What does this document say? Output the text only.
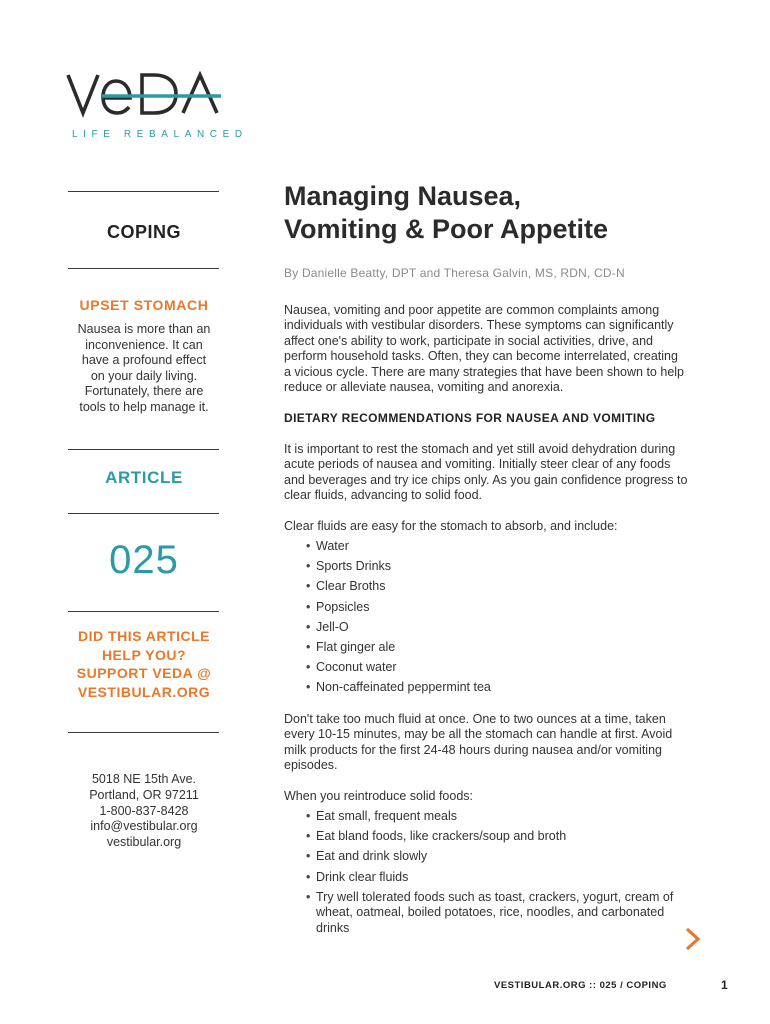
LIFE REBALANCED
COPING
UPSET STOMACH
Nausea is more than an
inconvenience. It can
have a profound effect
on your daily living.
Fortunately, there are
tools to help manage it.
ARTICLE
025
DID THIS ARTICLE
HELP YOU?
SUPPORT VEDA @
VESTIBULAR.ORG
5018 NE 15th Ave.
Portland, OR 97211
1-800-837-8428
info@vestibular.org
vestibular.org
Managing Nausea,
Vomiting & Poor Appetite
By Danielle Beatty, DPT and Theresa Galvin, MS, RDN, CD-N
Nausea, vomiting and poor appetite are common complaints among
individuals with vestibular disorders. These symptoms can significantly
affect one's ability to work, participate in social activities, drive, and
perform household tasks. Often, they can become interrelated, creating
a vicious cycle. There are many strategies that have been shown to help
reduce or alleviate nausea, vomiting and anorexia.
DIETARY RECOMMENDATIONS FOR NAUSEA AND VOMITING
It is important to rest the stomach and yet still avoid dehydration during
acute periods of nausea and vomiting. Initially steer clear of any foods
and beverages and try ice chips only. As you gain confidence progress to
clear fluids, advancing to solid food.
Clear fluids are easy for the stomach to absorb, and include:
• Water
• Sports Drinks
• Clear Broths
• Popsicles
• Jell-O
• Flat ginger ale
• Coconut water
• Non-caffeinated peppermint tea
Don't take too much fluid at once. One to two ounces at a time, taken
every 10-15 minutes, may be all the stomach can handle at first. Avoid
milk products for the first 24-48 hours during nausea and/or vomiting
episodes.
When you reintroduce solid foods:
• Eat small, frequent meals
• Eat bland foods, like crackers/soup and broth
• Eat and drink slowly
• Drink clear fluids
• Try well tolerated foods such as toast, crackers, yogurt, cream of
wheat, oatmeal, boiled potatoes, rice, noodles, and carbonated
drinks
VESTIBULAR.ORG :: 025 / COPING	1
